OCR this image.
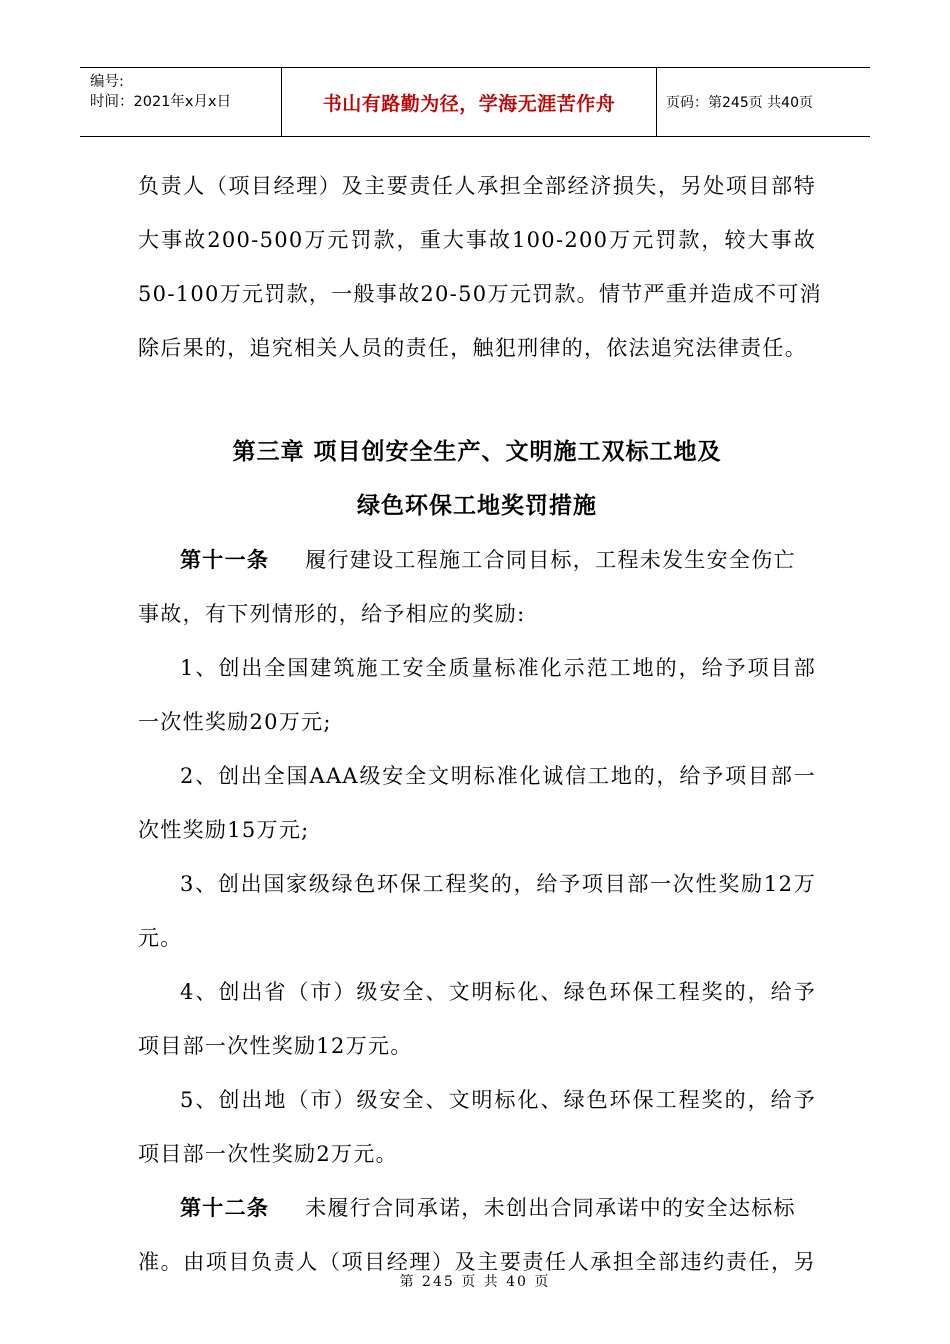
编号:
时间：2021年x月x日	书山有路勤为径，学海无涯苦作舟	页码：第245页 共40页
负责人（项目经理）及主要责任人承担全部经济损失，另处项目部特
大事故200-500万元罚款，重大事故100-200万元罚款，较大事故
50-100万元罚款，一般事故20-50万元罚款。情节严重并造成不可消
除后果的，追究相关人员的责任，触犯刑律的，依法追究法律责任。
第三章 项目创安全生产、文明施工双标工地及
绿色环保工地奖罚措施
第十一条 履行建设工程施工合同目标，工程未发生安全伤亡
事故，有下列情形的，给予相应的奖励:
1、创出全国建筑施工安全质量标准化示范工地的，给予项目部
一次性奖励20万元;
2、创出全国AAA级安全文明标准化诚信工地的，给予项目部一
次性奖励15万元;
3、创出国家级绿色环保工程奖的，给予项目部一次性奖励12万
元。
4、创出省（市）级安全、文明标化、绿色环保工程奖的，给予
项目部一次性奖励12万元。
5、创出地（市）级安全、文明标化、绿色环保工程奖的，给予
项目部一次性奖励2万元。
第十二条 未履行合同承诺，未创出合同承诺中的安全达标标
准。由项目负责人（项目经理）及主要责任人承担全部违约责任，另
第 245 页 共 40 页
